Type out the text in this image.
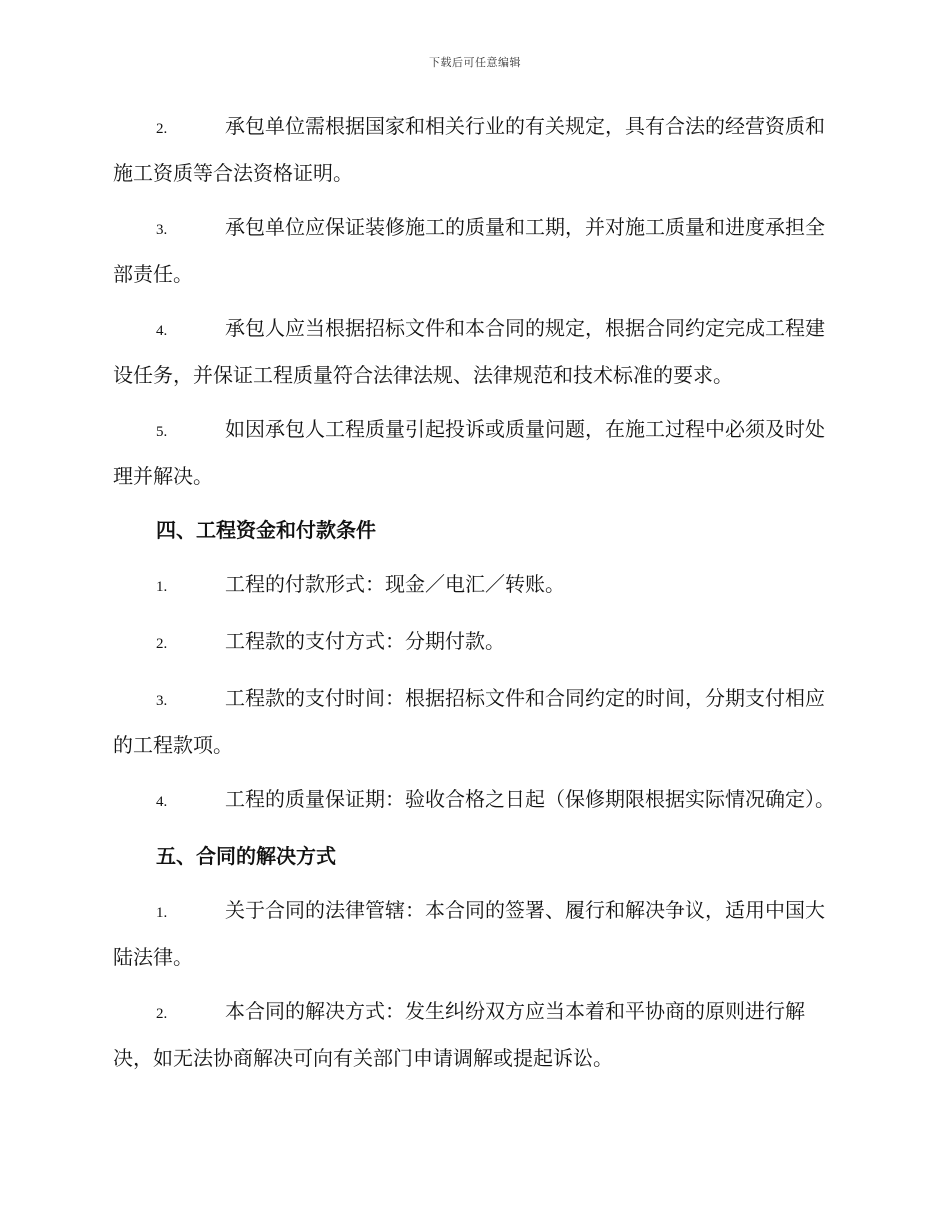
下载后可任意编辑

2.	承包单位需根据国家和相关行业的有关规定，具有合法的经营资质和施工资质等合法资格证明。

3.	承包单位应保证装修施工的质量和工期，并对施工质量和进度承担全部责任。

4.	承包人应当根据招标文件和本合同的规定，根据合同约定完成工程建设任务，并保证工程质量符合法律法规、法律规范和技术标准的要求。

5.	如因承包人工程质量引起投诉或质量问题，在施工过程中必须及时处理并解决。

四、工程资金和付款条件

1.	工程的付款形式：现金／电汇／转账。

2.	工程款的支付方式：分期付款。

3.	工程款的支付时间：根据招标文件和合同约定的时间，分期支付相应的工程款项。

4.	工程的质量保证期：验收合格之日起（保修期限根据实际情况确定）。

五、合同的解决方式

1.	关于合同的法律管辖：本合同的签署、履行和解决争议，适用中国大陆法律。

2.	本合同的解决方式：发生纠纷双方应当本着和平协商的原则进行解决，如无法协商解决可向有关部门申请调解或提起诉讼。
